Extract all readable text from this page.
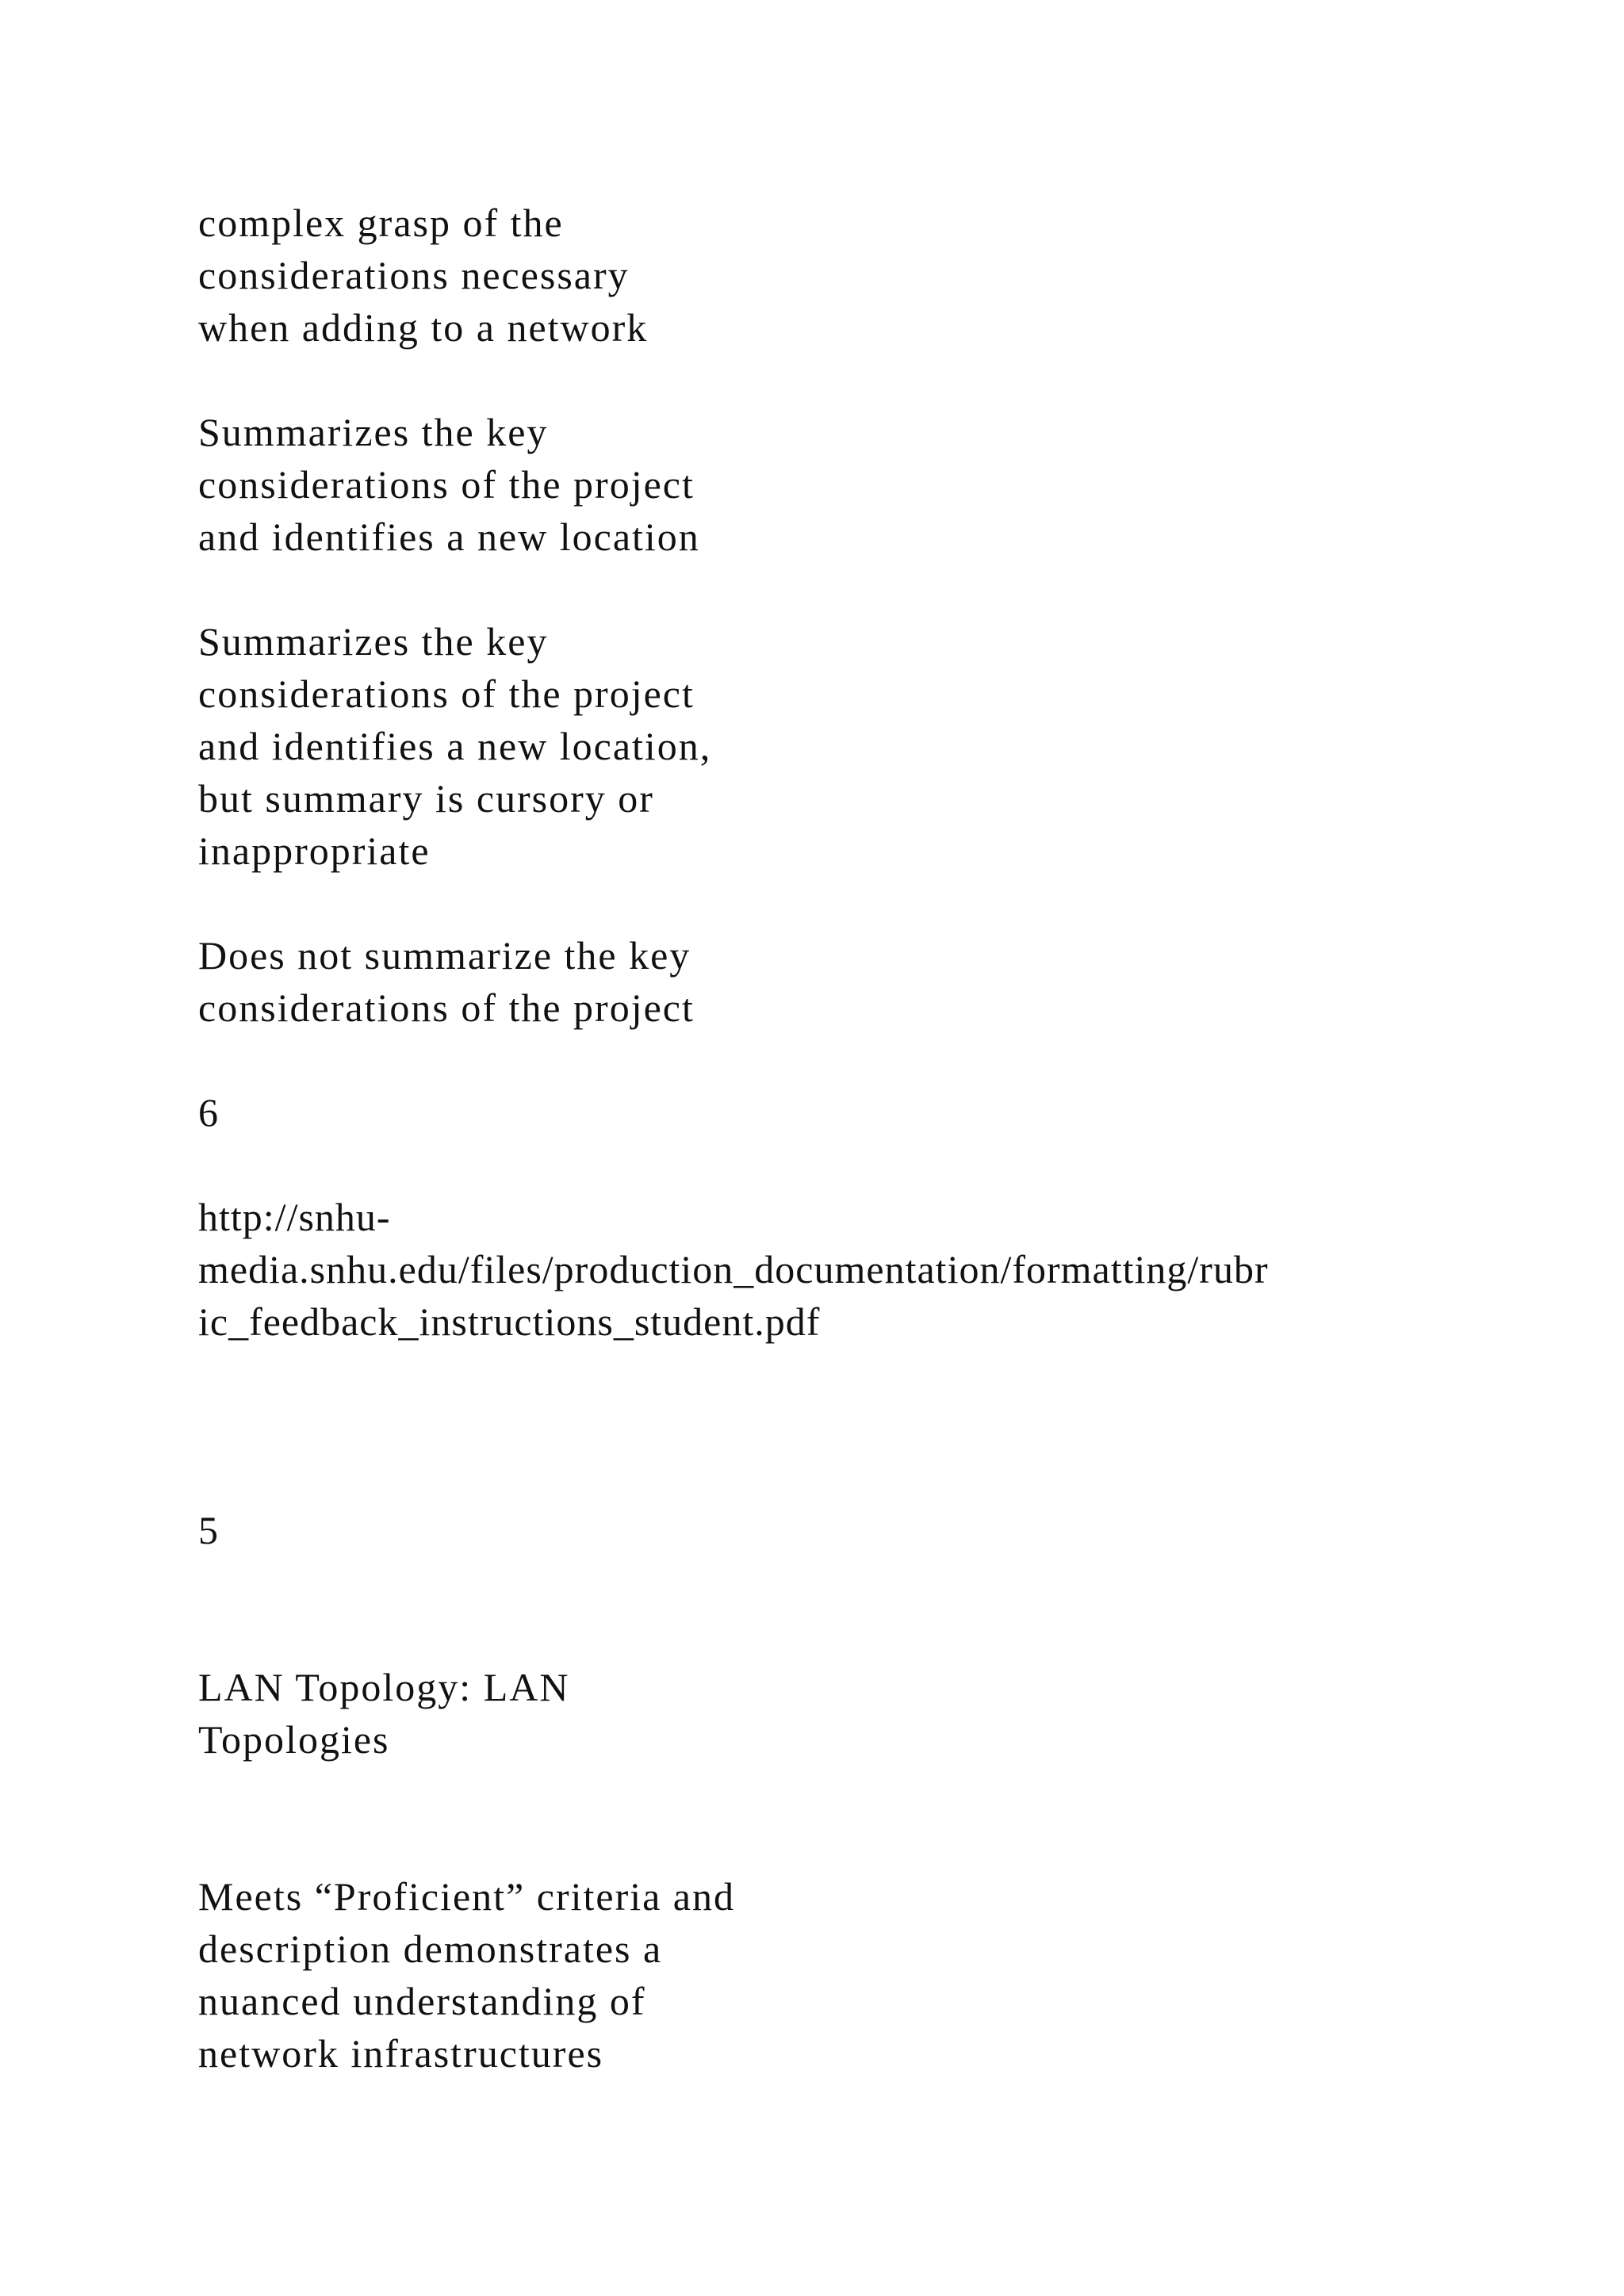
complex grasp of the

considerations necessary

when adding to a network

Summarizes the key

considerations of the project

and identifies a new location

Summarizes the key

considerations of the project

and identifies a new location,

but summary is cursory or

inappropriate

Does not summarize the key

considerations of the project

6

http://snhu-

media.snhu.edu/files/production_documentation/formatting/rubr

ic_feedback_instructions_student.pdf

5

LAN Topology: LAN

Topologies

Meets “Proficient” criteria and

description demonstrates a

nuanced understanding of

network infrastructures
